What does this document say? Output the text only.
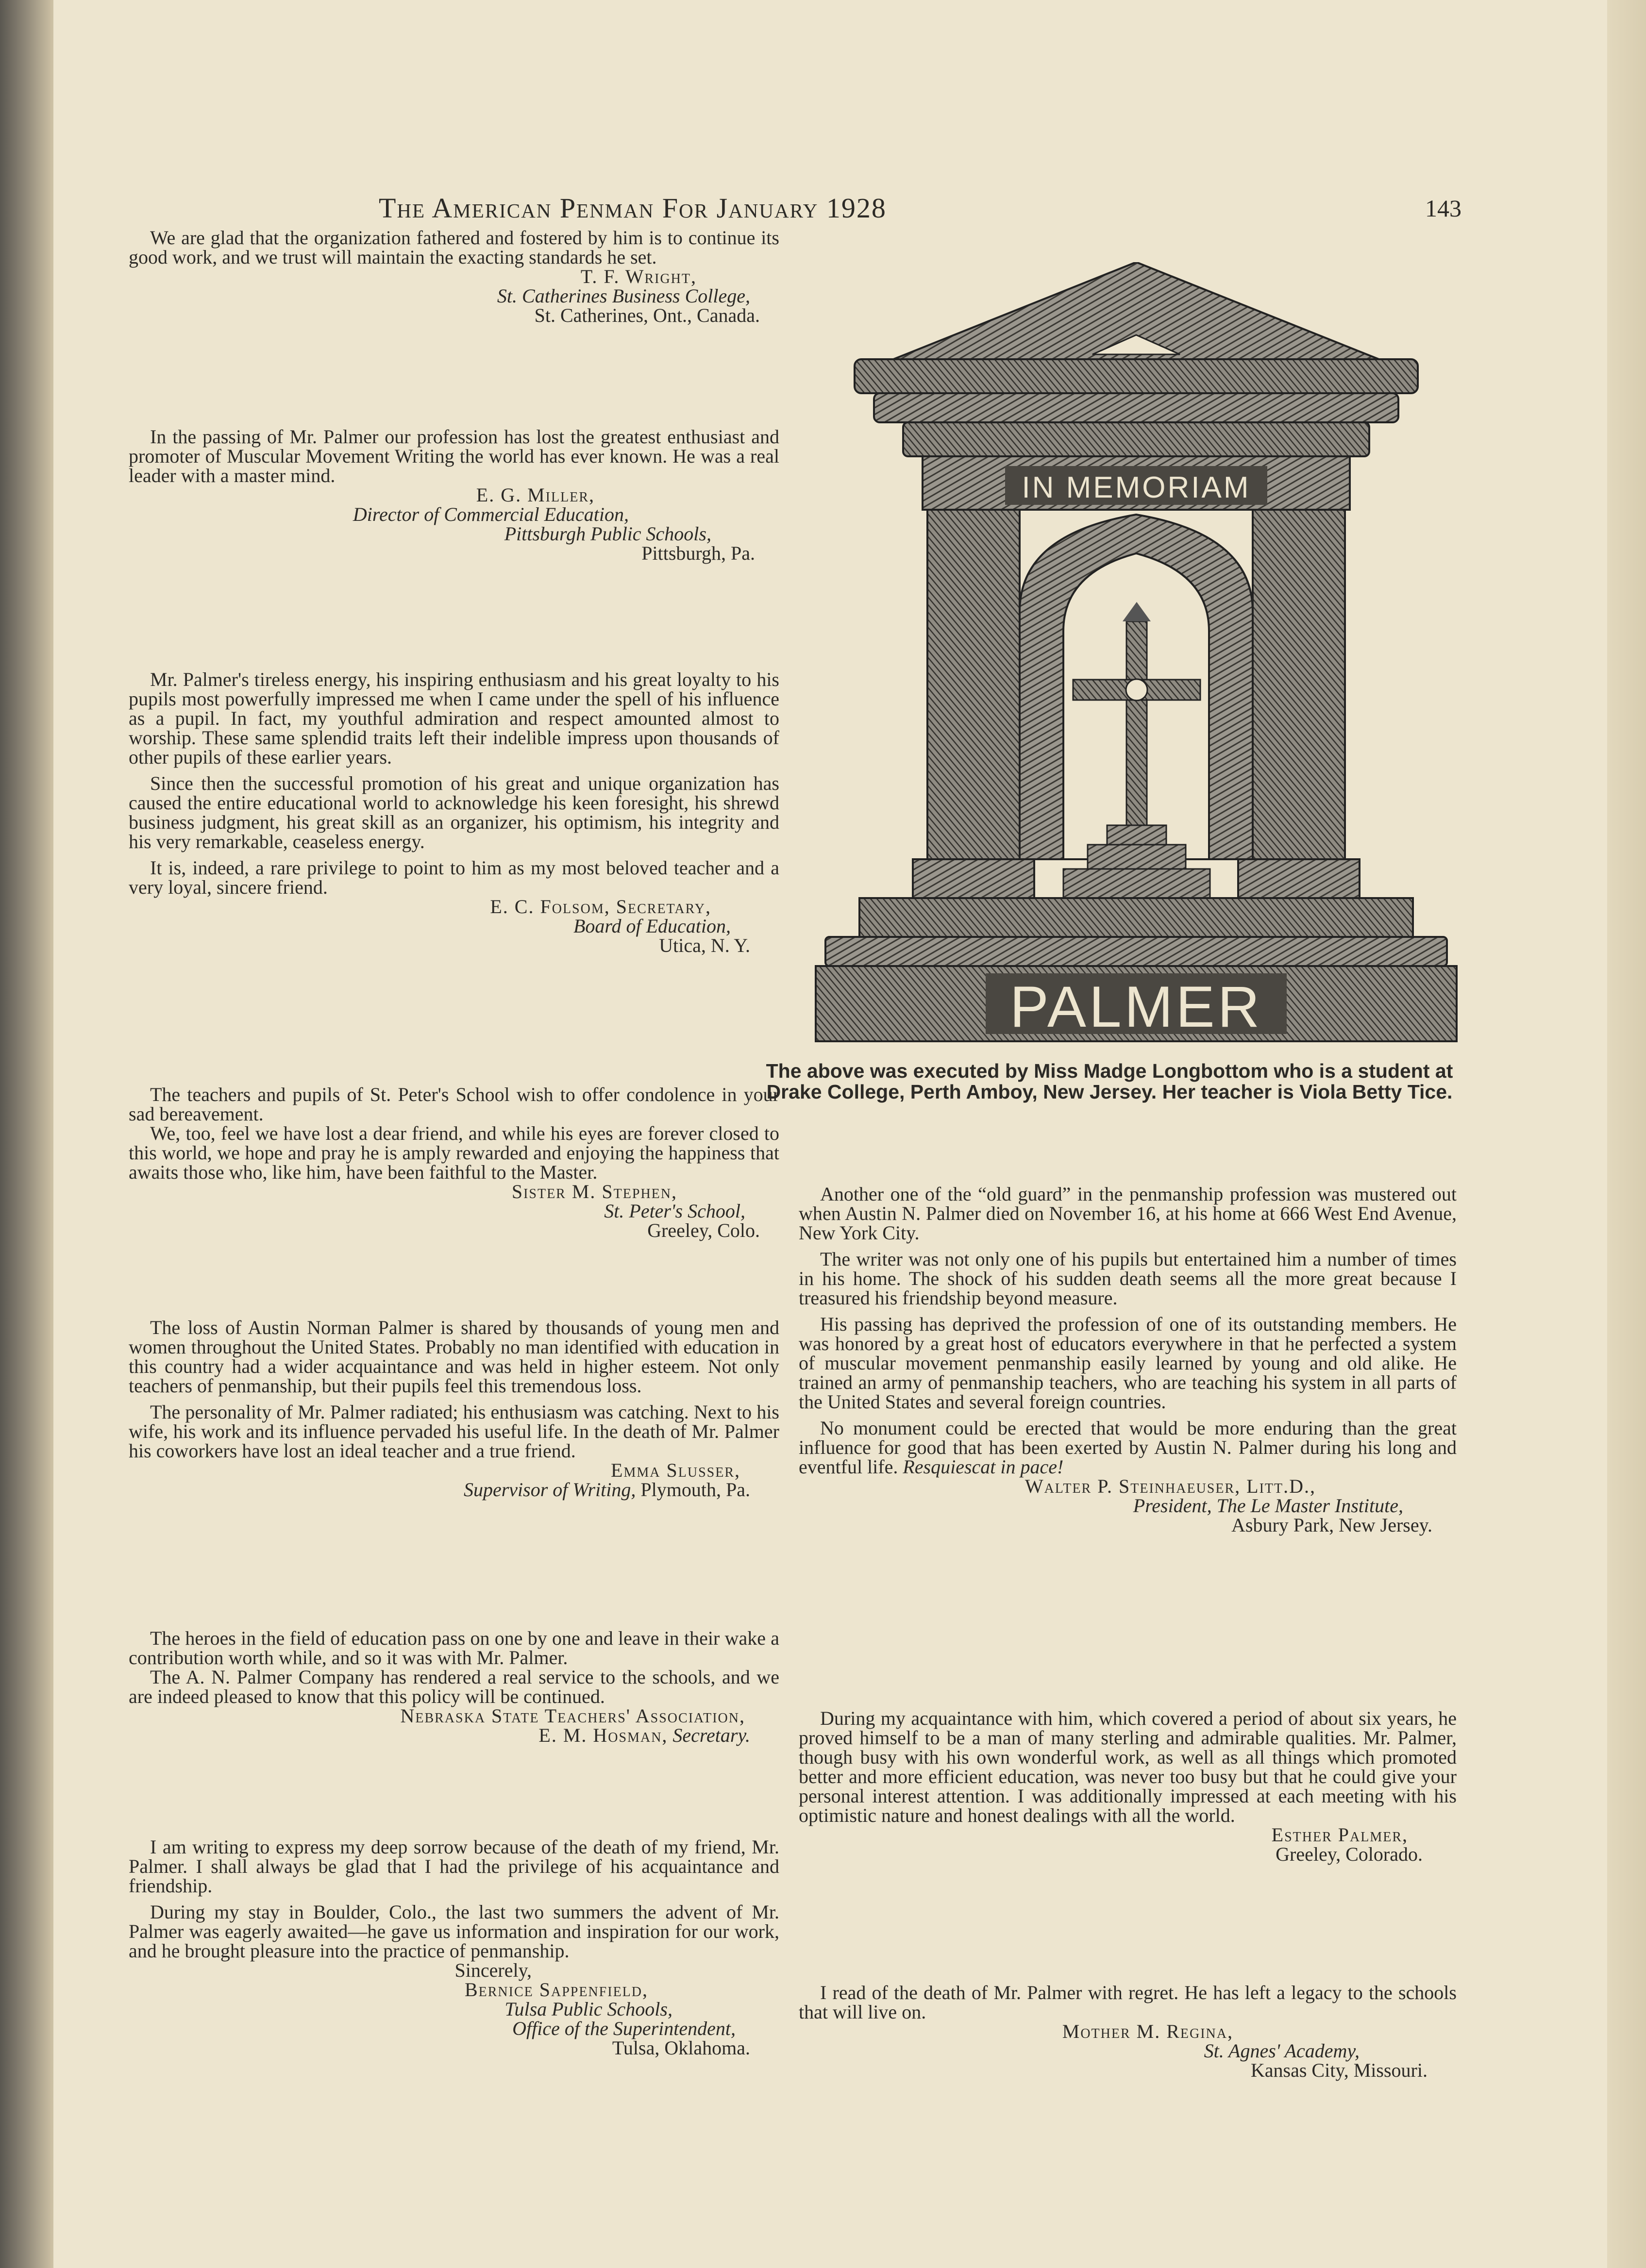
The American Penman For January 1928	143

We are glad that the organization fathered and fostered by him is to continue its good work, and we trust will maintain the exacting standards he set.

T. F. Wright,

St. Catherines Business College,

St. Catherines, Ont., Canada.

In the passing of Mr. Palmer our profession has lost the greatest enthusiast and promoter of Muscular Movement Writing the world has ever known. He was a real leader with a master mind.

E. G. Miller,

Director of Commercial Education,

Pittsburgh Public Schools,

Pittsburgh, Pa.

Mr. Palmer's tireless energy, his inspiring enthusiasm and his great loyalty to his pupils most powerfully impressed me when I came under the spell of his influence as a pupil. In fact, my youthful admiration and respect amounted almost to worship. These same splendid traits left their indelible impress upon thousands of other pupils of these earlier years.

Since then the successful promotion of his great and unique organization has caused the entire educational world to acknowledge his keen foresight, his shrewd business judgment, his great skill as an organizer, his optimism, his integrity and his very remarkable, ceaseless energy.

It is, indeed, a rare privilege to point to him as my most beloved teacher and a very loyal, sincere friend.

E. C. Folsom, Secretary,

Board of Education,

Utica, N. Y.

The teachers and pupils of St. Peter's School wish to offer condolence in your sad bereavement.

We, too, feel we have lost a dear friend, and while his eyes are forever closed to this world, we hope and pray he is amply rewarded and enjoying the happiness that awaits those who, like him, have been faithful to the Master.

Sister M. Stephen,

St. Peter's School,

Greeley, Colo.

The loss of Austin Norman Palmer is shared by thousands of young men and women throughout the United States. Probably no man identified with education in this country had a wider acquaintance and was held in higher esteem. Not only teachers of penmanship, but their pupils feel this tremendous loss.

The personality of Mr. Palmer radiated; his enthusiasm was catching. Next to his wife, his work and its influence pervaded his useful life. In the death of Mr. Palmer his coworkers have lost an ideal teacher and a true friend.

Emma Slusser,

Supervisor of Writing, Plymouth, Pa.

The heroes in the field of education pass on one by one and leave in their wake a contribution worth while, and so it was with Mr. Palmer.

The A. N. Palmer Company has rendered a real service to the schools, and we are indeed pleased to know that this policy will be continued.

Nebraska State Teachers' Association,

E. M. Hosman, Secretary.

I am writing to express my deep sorrow because of the death of my friend, Mr. Palmer. I shall always be glad that I had the privilege of his acquaintance and friendship.

During my stay in Boulder, Colo., the last two summers the advent of Mr. Palmer was eagerly awaited—he gave us information and inspiration for our work, and he brought pleasure into the practice of penmanship.

Sincerely,

Bernice Sappenfield,

Tulsa Public Schools,

Office of the Superintendent,

Tulsa, Oklahoma.

IN MEMORIAM
PALMER
The above was executed by Miss Madge Longbottom who is a student at Drake College, Perth Amboy, New Jersey. Her teacher is Viola Betty Tice.

Another one of the “old guard” in the penmanship profession was mustered out when Austin N. Palmer died on November 16, at his home at 666 West End Avenue, New York City.

The writer was not only one of his pupils but entertained him a number of times in his home. The shock of his sudden death seems all the more great because I treasured his friendship beyond measure.

His passing has deprived the profession of one of its outstanding members. He was honored by a great host of educators everywhere in that he perfected a system of muscular movement penmanship easily learned by young and old alike. He trained an army of penmanship teachers, who are teaching his system in all parts of the United States and several foreign countries.

No monument could be erected that would be more enduring than the great influence for good that has been exerted by Austin N. Palmer during his long and eventful life. Resquiescat in pace!

Walter P. Steinhaeuser, Litt.D.,

President, The Le Master Institute,

Asbury Park, New Jersey.

During my acquaintance with him, which covered a period of about six years, he proved himself to be a man of many sterling and admirable qualities. Mr. Palmer, though busy with his own wonderful work, as well as all things which promoted better and more efficient education, was never too busy but that he could give your personal interest attention. I was additionally impressed at each meeting with his optimistic nature and honest dealings with all the world.

Esther Palmer,

Greeley, Colorado.

I read of the death of Mr. Palmer with regret. He has left a legacy to the schools that will live on.

Mother M. Regina,

St. Agnes' Academy,

Kansas City, Missouri.
